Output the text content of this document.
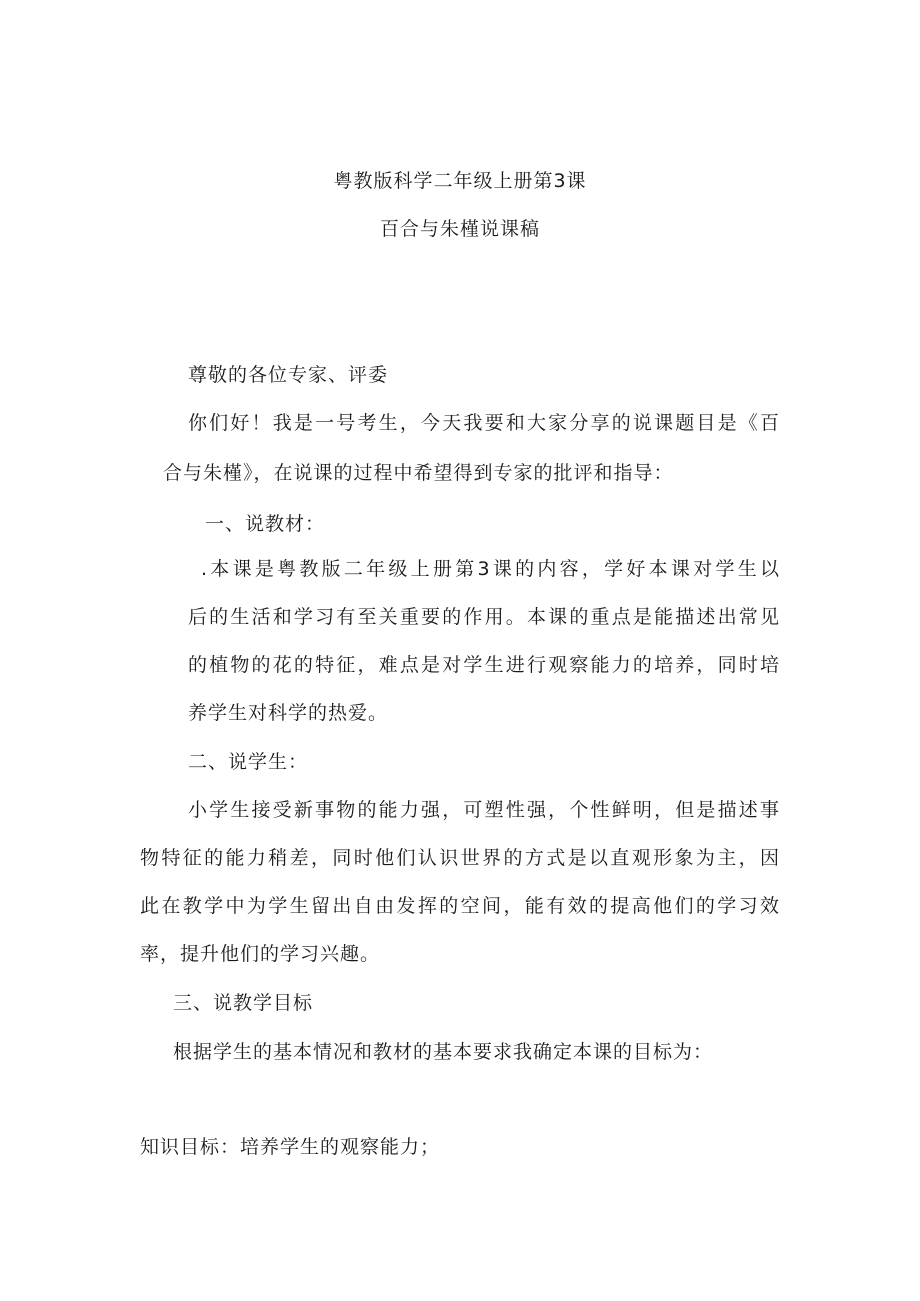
粤教版科学二年级上册第3课
百合与朱槿说课稿
尊敬的各位专家、评委
你们好！我是一号考生，今天我要和大家分享的说课题目是《百
合与朱槿》，在说课的过程中希望得到专家的批评和指导：
一、说教材：
.本课是粤教版二年级上册第3课的内容，学好本课对学生以
后的生活和学习有至关重要的作用。本课的重点是能描述出常见
的植物的花的特征，难点是对学生进行观察能力的培养，同时培
养学生对科学的热爱。
二、说学生：
小学生接受新事物的能力强，可塑性强，个性鲜明，但是描述事
物特征的能力稍差，同时他们认识世界的方式是以直观形象为主，因
此在教学中为学生留出自由发挥的空间，能有效的提高他们的学习效
率，提升他们的学习兴趣。
三、说教学目标
根据学生的基本情况和教材的基本要求我确定本课的目标为：
知识目标：培养学生的观察能力；
